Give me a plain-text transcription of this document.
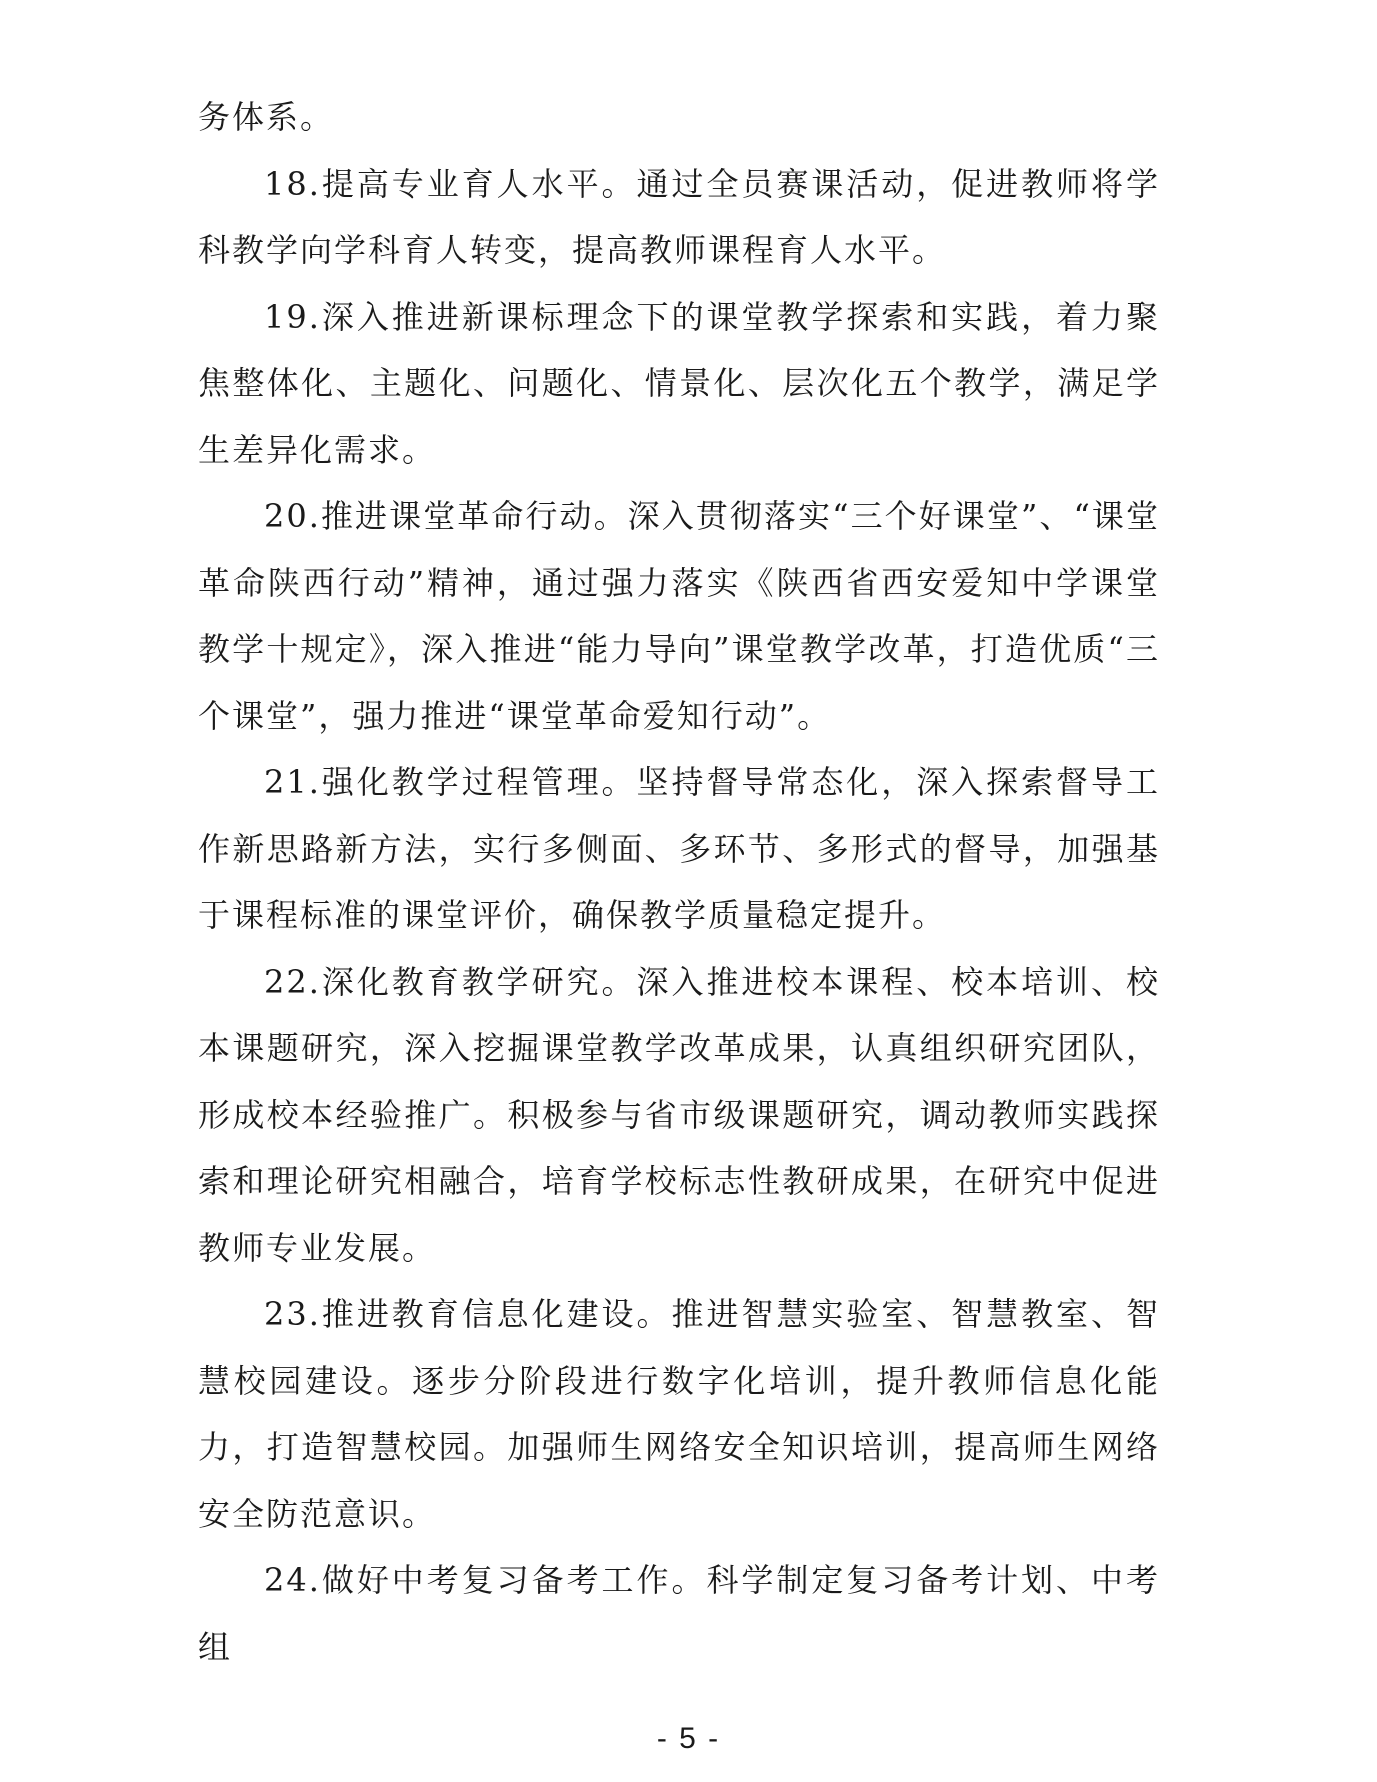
务体系。

18.提高专业育人水平。通过全员赛课活动，促进教师将学科教学向学科育人转变，提高教师课程育人水平。

19.深入推进新课标理念下的课堂教学探索和实践，着力聚焦整体化、主题化、问题化、情景化、层次化五个教学，满足学生差异化需求。

20.推进课堂革命行动。深入贯彻落实“三个好课堂”、“课堂革命陕西行动”精神，通过强力落实《陕西省西安爱知中学课堂教学十规定》，深入推进“能力导向”课堂教学改革，打造优质“三个课堂”，强力推进“课堂革命爱知行动”。

21.强化教学过程管理。坚持督导常态化，深入探索督导工作新思路新方法，实行多侧面、多环节、多形式的督导，加强基于课程标准的课堂评价，确保教学质量稳定提升。

22.深化教育教学研究。深入推进校本课程、校本培训、校本课题研究，深入挖掘课堂教学改革成果，认真组织研究团队，形成校本经验推广。积极参与省市级课题研究，调动教师实践探索和理论研究相融合，培育学校标志性教研成果，在研究中促进教师专业发展。

23.推进教育信息化建设。推进智慧实验室、智慧教室、智慧校园建设。逐步分阶段进行数字化培训，提升教师信息化能力，打造智慧校园。加强师生网络安全知识培训，提高师生网络安全防范意识。

24.做好中考复习备考工作。科学制定复习备考计划、中考组

- 5 -
